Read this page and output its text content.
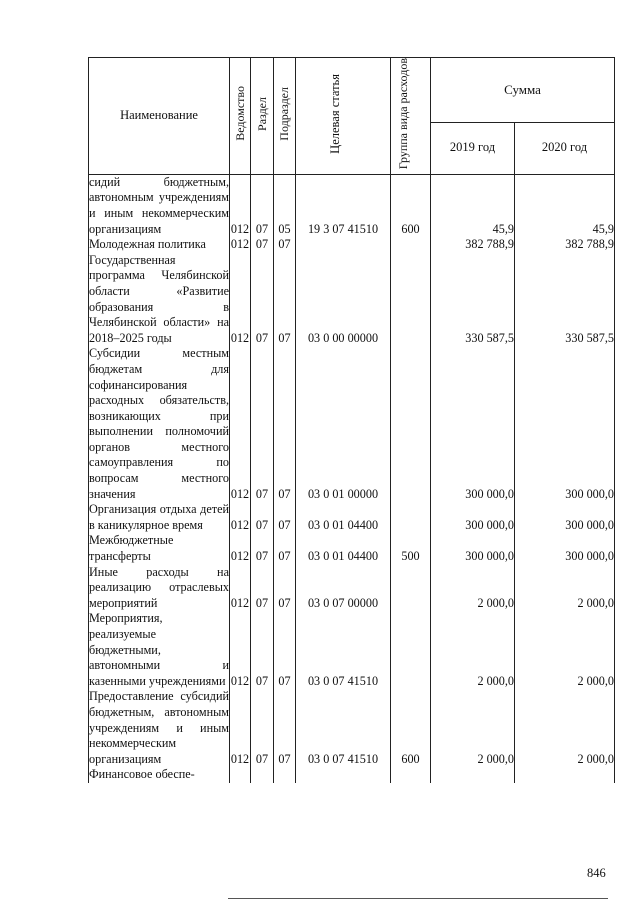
Наименование	Ведомство	Раздел	Подраздел	Целевая статья	Группа вида расходов	Сумма	
						2019 год	2020 год
сидий бюджетным, автономным учреждениям и иным некоммерческим организациям	012	07	05	19 3 07 41510	600	45,9	45,9
Молодежная политика	012	07	07			382 788,9	382 788,9
Государственная программа Челябинской области «Развитие образования в Челябинской области» на 2018–2025 годы	012	07	07	03 0 00 00000		330 587,5	330 587,5
Субсидии местным бюджетам для софинансирования расходных обязательств, возникающих при выполнении полномочий органов местного самоуправления по вопросам местного значения	012	07	07	03 0 01 00000		300 000,0	300 000,0
Организация отдыха детей в каникулярное время	012	07	07	03 0 01 04400		300 000,0	300 000,0
Межбюджетные трансферты	012	07	07	03 0 01 04400	500	300 000,0	300 000,0
Иные расходы на реализацию отраслевых мероприятий	012	07	07	03 0 07 00000		2 000,0	2 000,0
Мероприятия, реализуемые бюджетными, автономными и казенными учреждениями	012	07	07	03 0 07 41510		2 000,0	2 000,0
Предоставление субсидий бюджетным, автономным учреждениям и иным некоммерческим организациям	012	07	07	03 0 07 41510	600	2 000,0	2 000,0
Финансовое обеспе-							
846
